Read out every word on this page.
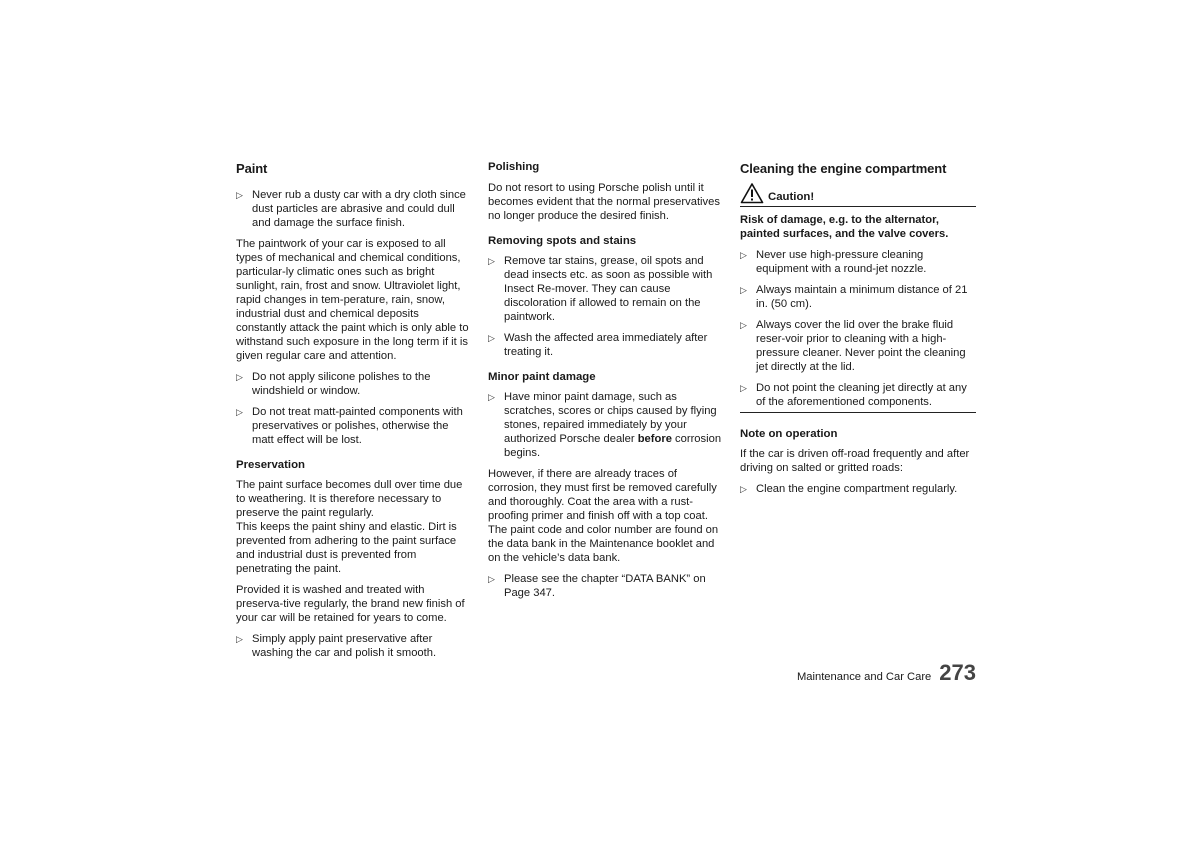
Paint
▷ Never rub a dusty car with a dry cloth since dust particles are abrasive and could dull and damage the surface finish.

The paintwork of your car is exposed to all types of mechanical and chemical conditions, particular-ly climatic ones such as bright sunlight, rain, frost and snow. Ultraviolet light, rapid changes in tem-perature, rain, snow, industrial dust and chemical deposits constantly attack the paint which is only able to withstand such exposure in the long term if it is given regular care and attention.

▷ Do not apply silicone polishes to the windshield or window.
▷ Do not treat matt-painted components with preservatives or polishes, otherwise the matt effect will be lost.
Preservation

The paint surface becomes dull over time due to weathering. It is therefore necessary to preserve the paint regularly.

This keeps the paint shiny and elastic. Dirt is prevented from adhering to the paint surface and industrial dust is prevented from penetrating the paint.

Provided it is washed and treated with preserva-tive regularly, the brand new finish of your car will be retained for years to come.

▷ Simply apply paint preservative after washing the car and polish it smooth.
Polishing

Do not resort to using Porsche polish until it becomes evident that the normal preservatives no longer produce the desired finish.

Removing spots and stains
▷ Remove tar stains, grease, oil spots and dead insects etc. as soon as possible with Insect Re-mover. They can cause discoloration if allowed to remain on the paintwork.
▷ Wash the affected area immediately after treating it.
Minor paint damage
▷ Have minor paint damage, such as scratches, scores or chips caused by flying stones, repaired immediately by your authorized Porsche dealer before corrosion begins.

However, if there are already traces of corrosion, they must first be removed carefully and thoroughly. Coat the area with a rust-proofing primer and finish off with a top coat. The paint code and color number are found on the data bank in the Maintenance booklet and on the vehicle’s data bank.

▷ Please see the chapter “DATA BANK” on Page 347.
Cleaning the engine compartment
Caution!

Risk of damage, e.g. to the alternator, painted surfaces, and the valve covers.

▷ Never use high-pressure cleaning equipment with a round-jet nozzle.
▷ Always maintain a minimum distance of 21 in. (50 cm).
▷ Always cover the lid over the brake fluid reser-voir prior to cleaning with a high-pressure cleaner. Never point the cleaning jet directly at the lid.
▷ Do not point the cleaning jet directly at any of the aforementioned components.
Note on operation

If the car is driven off-road frequently and after driving on salted or gritted roads:

▷ Clean the engine compartment regularly.
Maintenance and Car Care 273
